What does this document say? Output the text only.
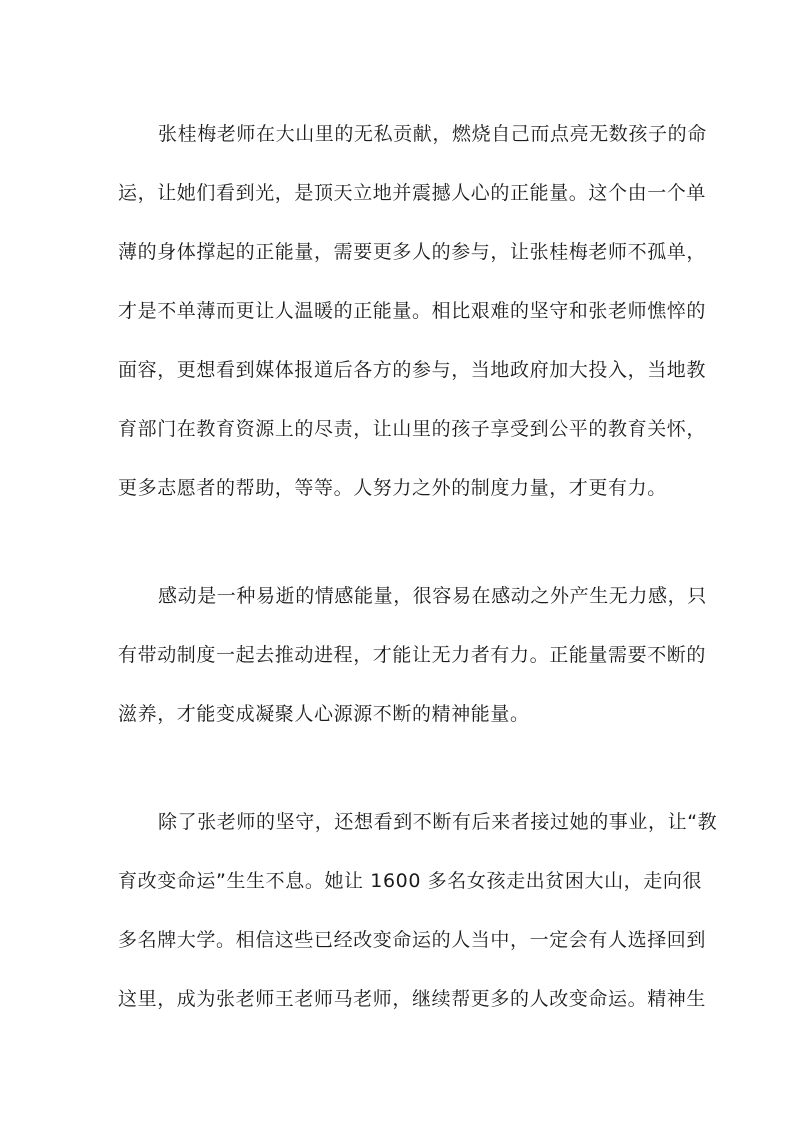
张桂梅老师在大山里的无私贡献，燃烧自己而点亮无数孩子的命
运，让她们看到光，是顶天立地并震撼人心的正能量。这个由一个单
薄的身体撑起的正能量，需要更多人的参与，让张桂梅老师不孤单，
才是不单薄而更让人温暖的正能量。相比艰难的坚守和张老师憔悴的
面容，更想看到媒体报道后各方的参与，当地政府加大投入，当地教
育部门在教育资源上的尽责，让山里的孩子享受到公平的教育关怀，
更多志愿者的帮助，等等。人努力之外的制度力量，才更有力。
感动是一种易逝的情感能量，很容易在感动之外产生无力感，只
有带动制度一起去推动进程，才能让无力者有力。正能量需要不断的
滋养，才能变成凝聚人心源源不断的精神能量。
除了张老师的坚守，还想看到不断有后来者接过她的事业，让“教
育改变命运”生生不息。她让 1600 多名女孩走出贫困大山，走向很
多名牌大学。相信这些已经改变命运的人当中，一定会有人选择回到
这里，成为张老师王老师马老师，继续帮更多的人改变命运。精神生
